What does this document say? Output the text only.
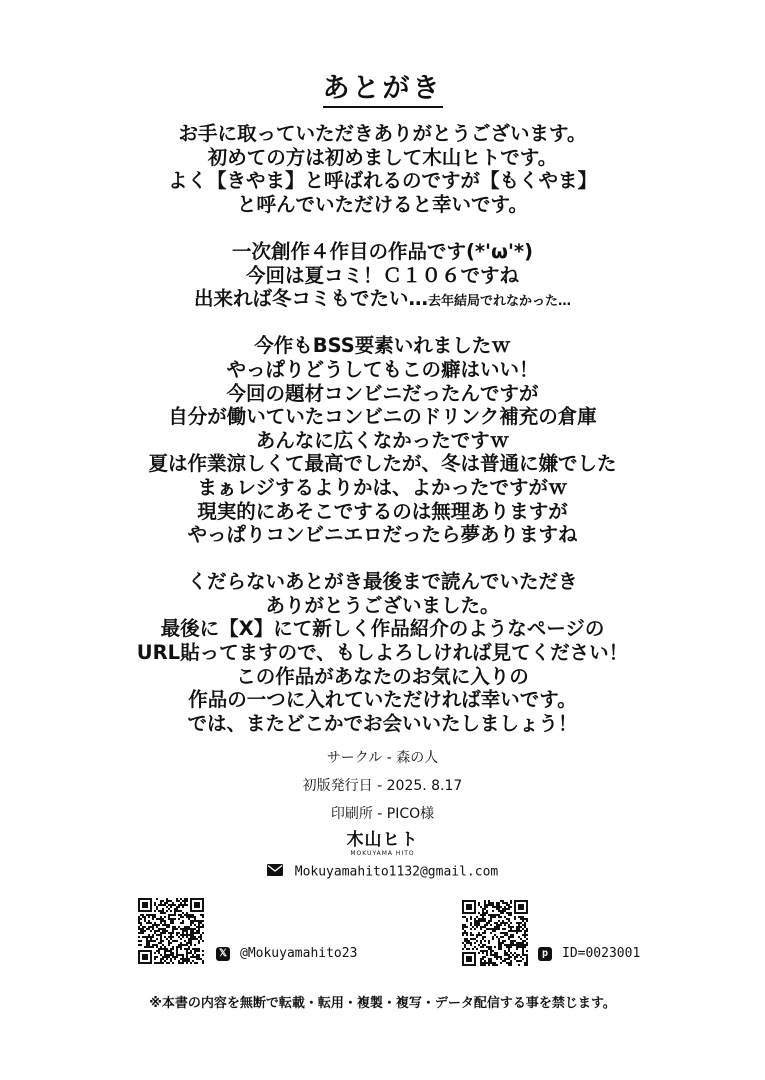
あとがき
お手に取っていただきありがとうございます。
初めての方は初めまして木山ヒトです。
よく【きやま】と呼ばれるのですが【もくやま】
と呼んでいただけると幸いです。
一次創作４作目の作品です(*'ω'*)
今回は夏コミ！Ｃ１０６ですね
出来れば冬コミもでたい…去年結局でれなかった…
今作もBSS要素いれましたｗ
やっぱりどうしてもこの癖はいい！
今回の題材コンビニだったんですが
自分が働いていたコンビニのドリンク補充の倉庫
あんなに広くなかったですｗ
夏は作業涼しくて最高でしたが、冬は普通に嫌でした
まぁレジするよりかは、よかったですがｗ
現実的にあそこでするのは無理ありますが
やっぱりコンビニエロだったら夢ありますね
くだらないあとがき最後まで読んでいただき
ありがとうございました。
最後に【X】にて新しく作品紹介のようなページの
URL貼ってますので、もしよろしければ見てください！
この作品があなたのお気に入りの
作品の一つに入れていただければ幸いです。
では、またどこかでお会いいたしましょう！
サークル - 森の人
初版発行日 - 2025. 8.17
印刷所 - PICO様
木山ヒト
MOKUYAMA HITO
Mokuyamahito1132@gmail.com
𝕏 @Mokuyamahito23	p	ID=0023001
※本書の内容を無断で転載・転用・複製・複写・データ配信する事を禁じます。
